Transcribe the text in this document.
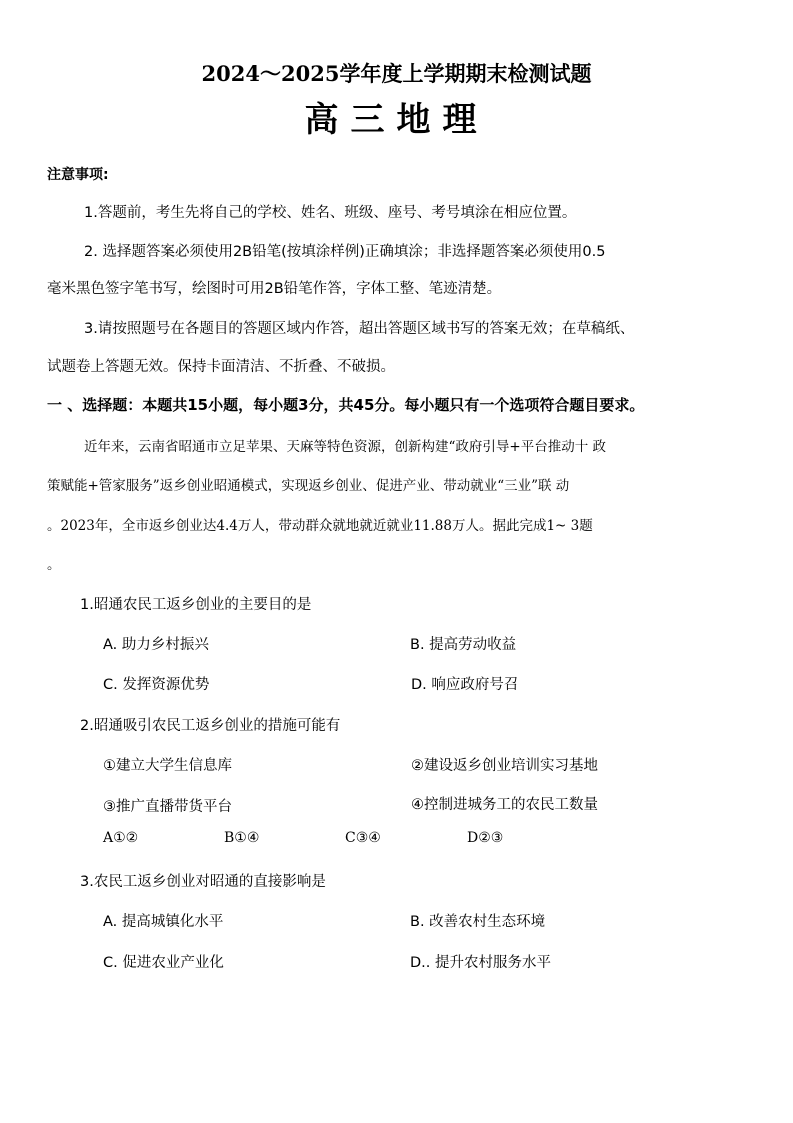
2024～2025学年度上学期期末检测试题
高三地理
注意事项:
1.答题前，考生先将自己的学校、姓名、班级、座号、考号填涂在相应位置。
2. 选择题答案必须使用2B铅笔(按填涂样例)正确填涂；非选择题答案必须使用0.5
毫米黑色签字笔书写，绘图时可用2B铅笔作答，字体工整、笔迹清楚。
3.请按照题号在各题目的答题区域内作答，超出答题区域书写的答案无效；在草稿纸、
试题卷上答题无效。保持卡面清洁、不折叠、不破损。
一 、选择题：本题共15小题，每小题3分，共45分。每小题只有一个选项符合题目要求。
近年来，云南省昭通市立足苹果、天麻等特色资源，创新构建“政府引导+平台推动十 政
策赋能+管家服务”返乡创业昭通模式，实现返乡创业、促进产业、带动就业“三业”联 动
。2023年，全市返乡创业达4.4万人，带动群众就地就近就业11.88万人。据此完成1~ 3题
。
1.昭通农民工返乡创业的主要目的是
A. 助力乡村振兴	B. 提高劳动收益
C. 发挥资源优势	D. 响应政府号召
2.昭通吸引农民工返乡创业的措施可能有
①建立大学生信息库	②建设返乡创业培训实习基地
③推广直播带货平台	④控制进城务工的农民工数量
A①②	B①④	C③④	D②③
3.农民工返乡创业对昭通的直接影响是
A. 提高城镇化水平	B. 改善农村生态环境
C. 促进农业产业化	D.. 提升农村服务水平
